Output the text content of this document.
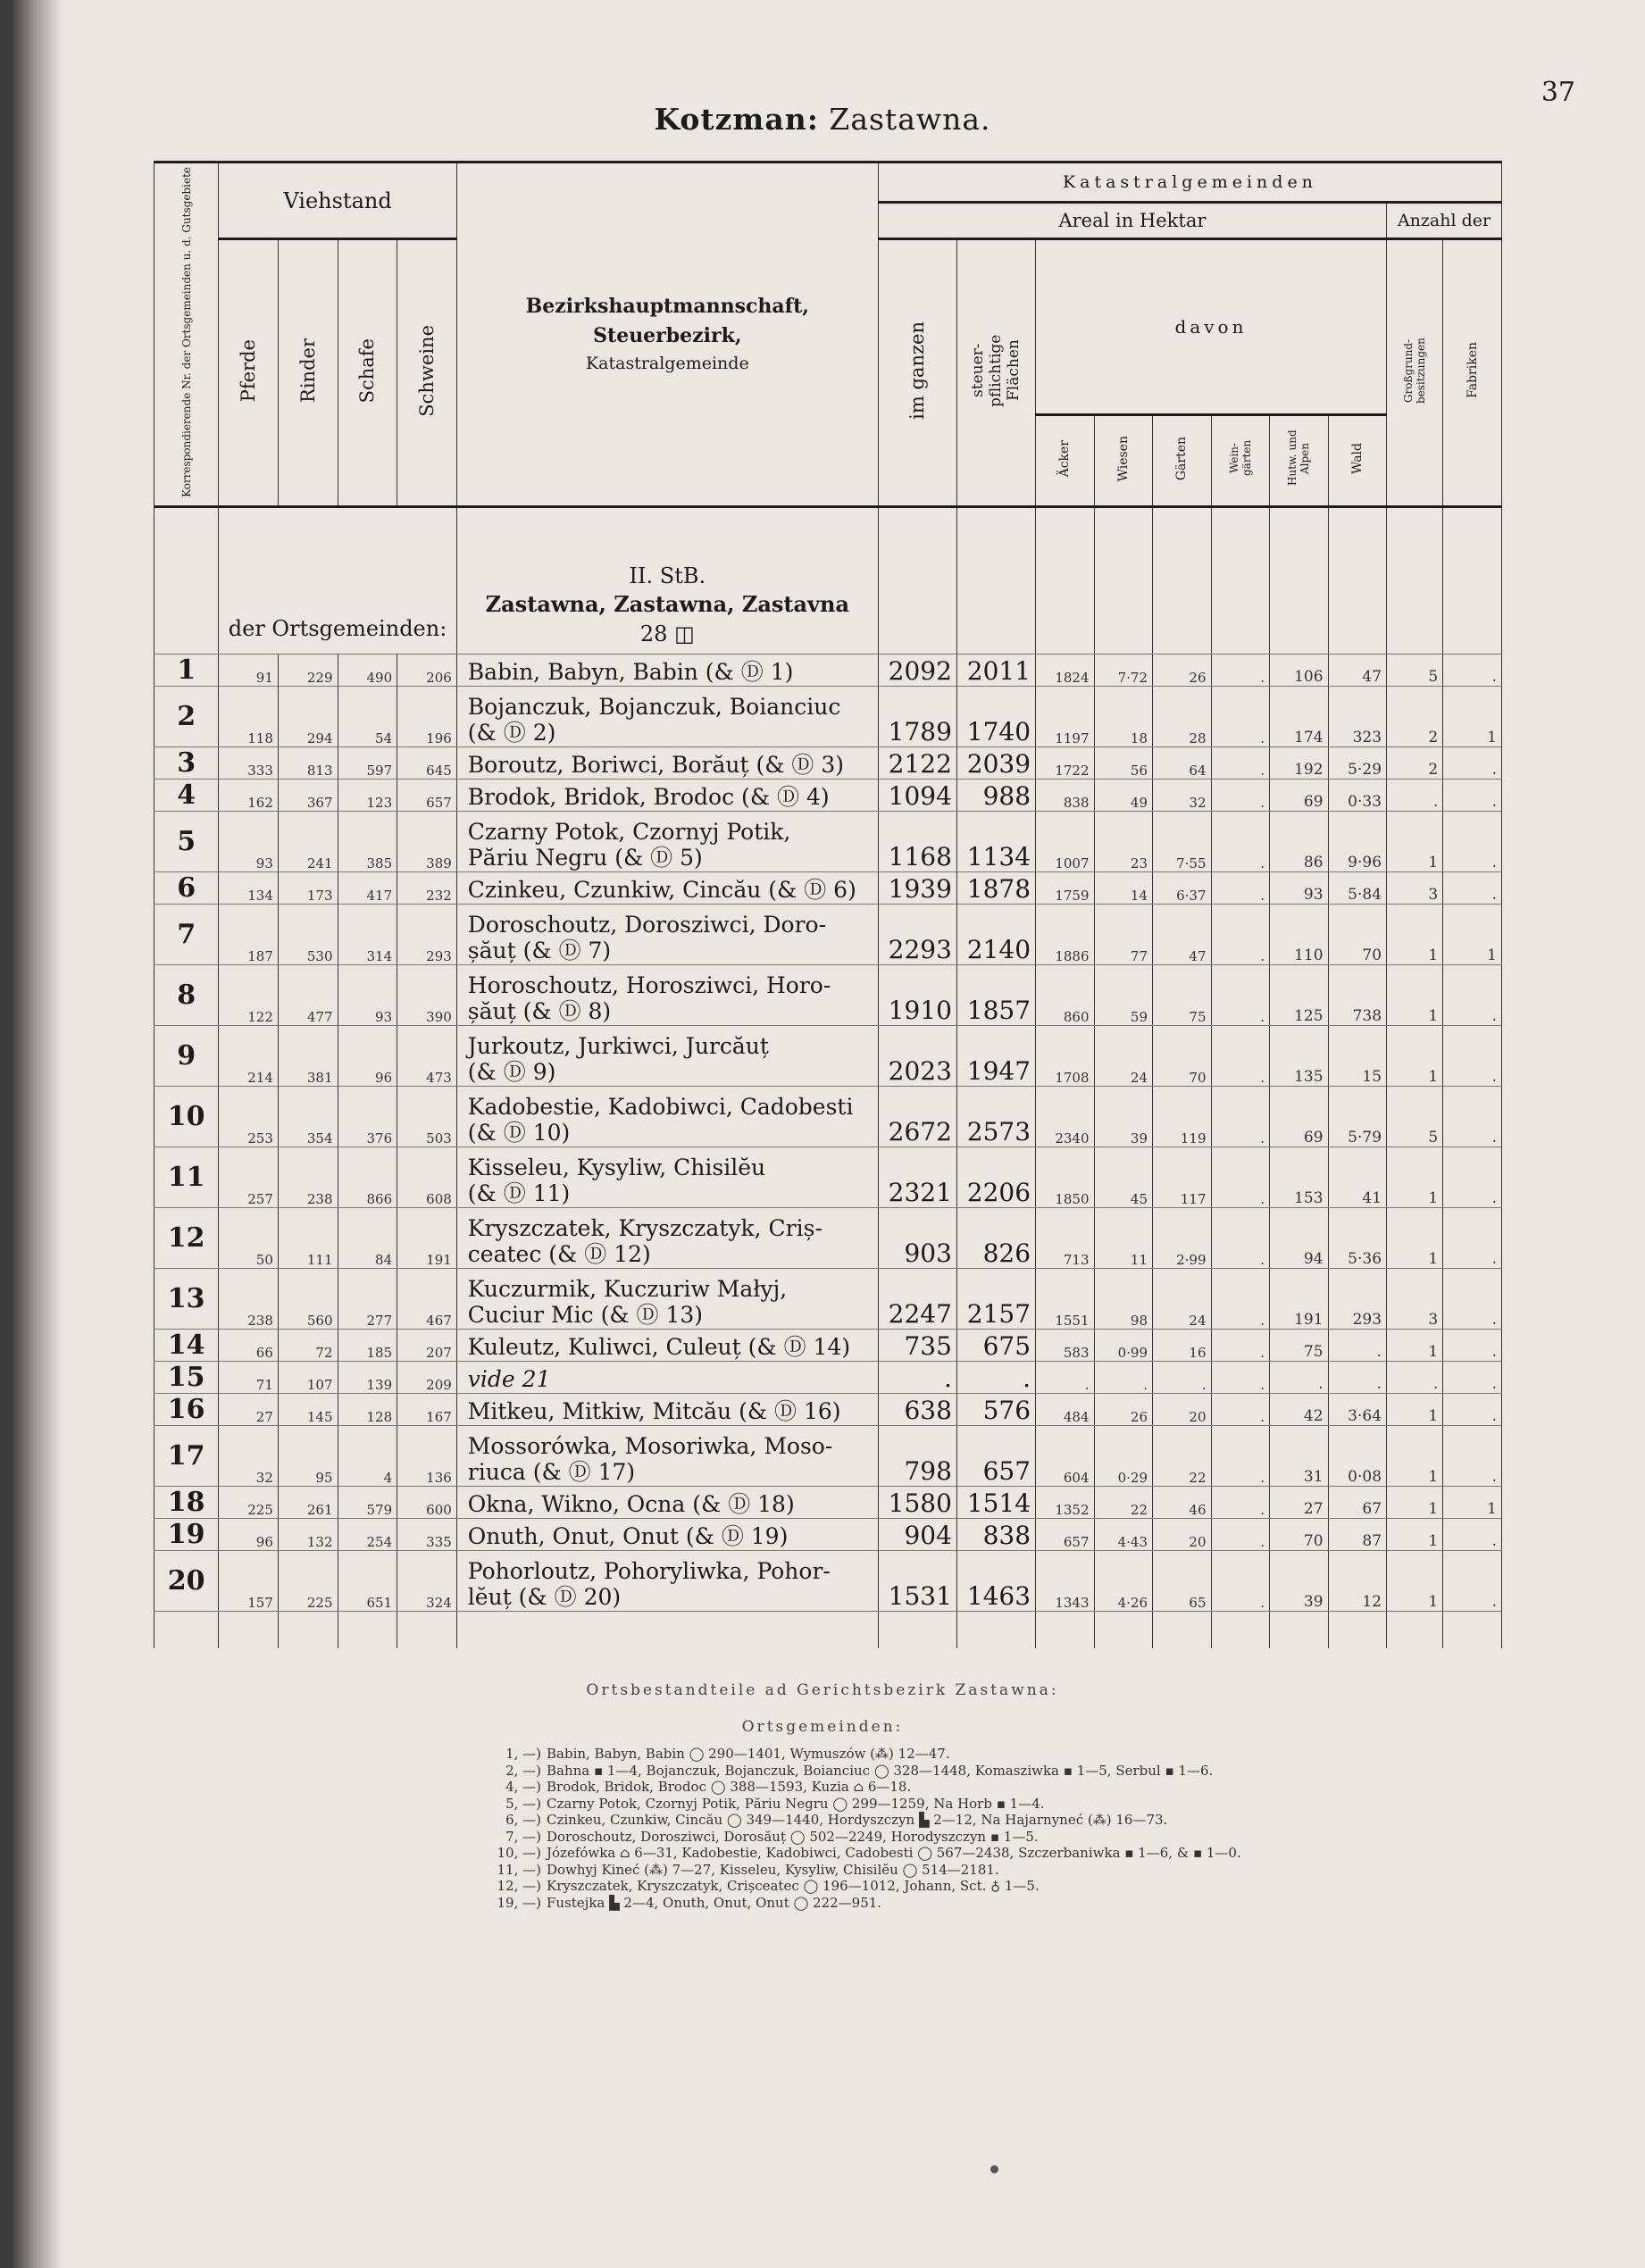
37
Kotzman: Zastawna.
Korrespondierende Nr. der Ortsgemeinden u. d. Gutsgebiete	Viehstand				Bezirkshauptmannschaft,
Steuerbezirk,
Katastralgemeinde	Katastralgemeinden									
						Areal in Hektar								Anzahl der	
	Pferde	Rinder	Schafe	Schweine		im ganzen	steuer-pflichtige Flächen	davon						Großgrund-besitzungen	Fabriken
								Äcker	Wiesen	Gärten	Wein-gärten	Hutw. und Alpen	Wald		
	der Ortsgemeinden:				II. StB.
Zastawna, Zastawna, Zastavna
28 ◫										
1	91	229	490	206	Babin, Babyn, Babin (& Ⓓ 1)	2092	2011	1824	7·72	26	.	106	47	5	.
2	118	294	54	196	Bojanczuk, Bojanczuk, Boianciuc
(& Ⓓ 2)	1789	1740	1197	18	28	.	174	323	2	1
3	333	813	597	645	Boroutz, Boriwci, Borăuț (& Ⓓ 3)	2122	2039	1722	56	64	.	192	5·29	2	.
4	162	367	123	657	Brodok, Bridok, Brodoc (& Ⓓ 4)	1094	988	838	49	32	.	69	0·33	.	.
5	93	241	385	389	Czarny Potok, Czornyj Potik,
Păriu Negru (& Ⓓ 5)	1168	1134	1007	23	7·55	.	86	9·96	1	.
6	134	173	417	232	Czinkeu, Czunkiw, Cincău (& Ⓓ 6)	1939	1878	1759	14	6·37	.	93	5·84	3	.
7	187	530	314	293	Doroschoutz, Dorosziwci, Doro-
șăuț (& Ⓓ 7)	2293	2140	1886	77	47	.	110	70	1	1
8	122	477	93	390	Horoschoutz, Horosziwci, Horo-
șăuț (& Ⓓ 8)	1910	1857	860	59	75	.	125	738	1	.
9	214	381	96	473	Jurkoutz, Jurkiwci, Jurcăuț
(& Ⓓ 9)	2023	1947	1708	24	70	.	135	15	1	.
10	253	354	376	503	Kadobestie, Kadobiwci, Cadobesti
(& Ⓓ 10)	2672	2573	2340	39	119	.	69	5·79	5	.
11	257	238	866	608	Kisseleu, Kysyliw, Chisilĕu
(& Ⓓ 11)	2321	2206	1850	45	117	.	153	41	1	.
12	50	111	84	191	Kryszczatek, Kryszczatyk, Criș-
ceatec (& Ⓓ 12)	903	826	713	11	2·99	.	94	5·36	1	.
13	238	560	277	467	Kuczurmik, Kuczuriw Małyj,
Cuciur Mic (& Ⓓ 13)	2247	2157	1551	98	24	.	191	293	3	.
14	66	72	185	207	Kuleutz, Kuliwci, Culeuț (& Ⓓ 14)	735	675	583	0·99	16	.	75	.	1	.
15	71	107	139	209	vide 21	.	.	.	.	.	.	.	.	.	.
16	27	145	128	167	Mitkeu, Mitkiw, Mitcău (& Ⓓ 16)	638	576	484	26	20	.	42	3·64	1	.
17	32	95	4	136	Mossorówka, Mosoriwka, Moso-
riuca (& Ⓓ 17)	798	657	604	0·29	22	.	31	0·08	1	.
18	225	261	579	600	Okna, Wikno, Ocna (& Ⓓ 18)	1580	1514	1352	22	46	.	27	67	1	1
19	96	132	254	335	Onuth, Onut, Onut (& Ⓓ 19)	904	838	657	4·43	20	.	70	87	1	.
20	157	225	651	324	Pohorloutz, Pohoryliwka, Pohor-
lĕuț (& Ⓓ 20)	1531	1463	1343	4·26	65	.	39	12	1	.

Ortsbestandteile ad Gerichtsbezirk Zastawna:
Ortsgemeinden:
1, —) Babin, Babyn, Babin ◯ 290—1401, Wymuszów (⁂) 12—47.
2, —) Bahna ▪ 1—4, Bojanczuk, Bojanczuk, Boianciuc ◯ 328—1448, Komasziwka ▪ 1—5, Serbul ▪ 1—6.
4, —) Brodok, Bridok, Brodoc ◯ 388—1593, Kuzia ⌂ 6—18.
5, —) Czarny Potok, Czornyj Potik, Păriu Negru ◯ 299—1259, Na Horb ▪ 1—4.
6, —) Czinkeu, Czunkiw, Cincău ◯ 349—1440, Hordyszczyn ▙ 2—12, Na Hajarnyneć (⁂) 16—73.
7, —) Doroschoutz, Dorosziwci, Dorosăuț ◯ 502—2249, Horodyszczyn ▪ 1—5.
10, —) Józefówka ⌂ 6—31, Kadobestie, Kadobiwci, Cadobesti ◯ 567—2438, Szczerbaniwka ▪ 1—6, & ▪ 1—0.
11, —) Dowhyj Kineć (⁂) 7—27, Kisseleu, Kysyliw, Chisilĕu ◯ 514—2181.
12, —) Kryszczatek, Kryszczatyk, Crișceatec ◯ 196—1012, Johann, Sct. ♁ 1—5.
19, —) Fustejka ▙ 2—4, Onuth, Onut, Onut ◯ 222—951.
